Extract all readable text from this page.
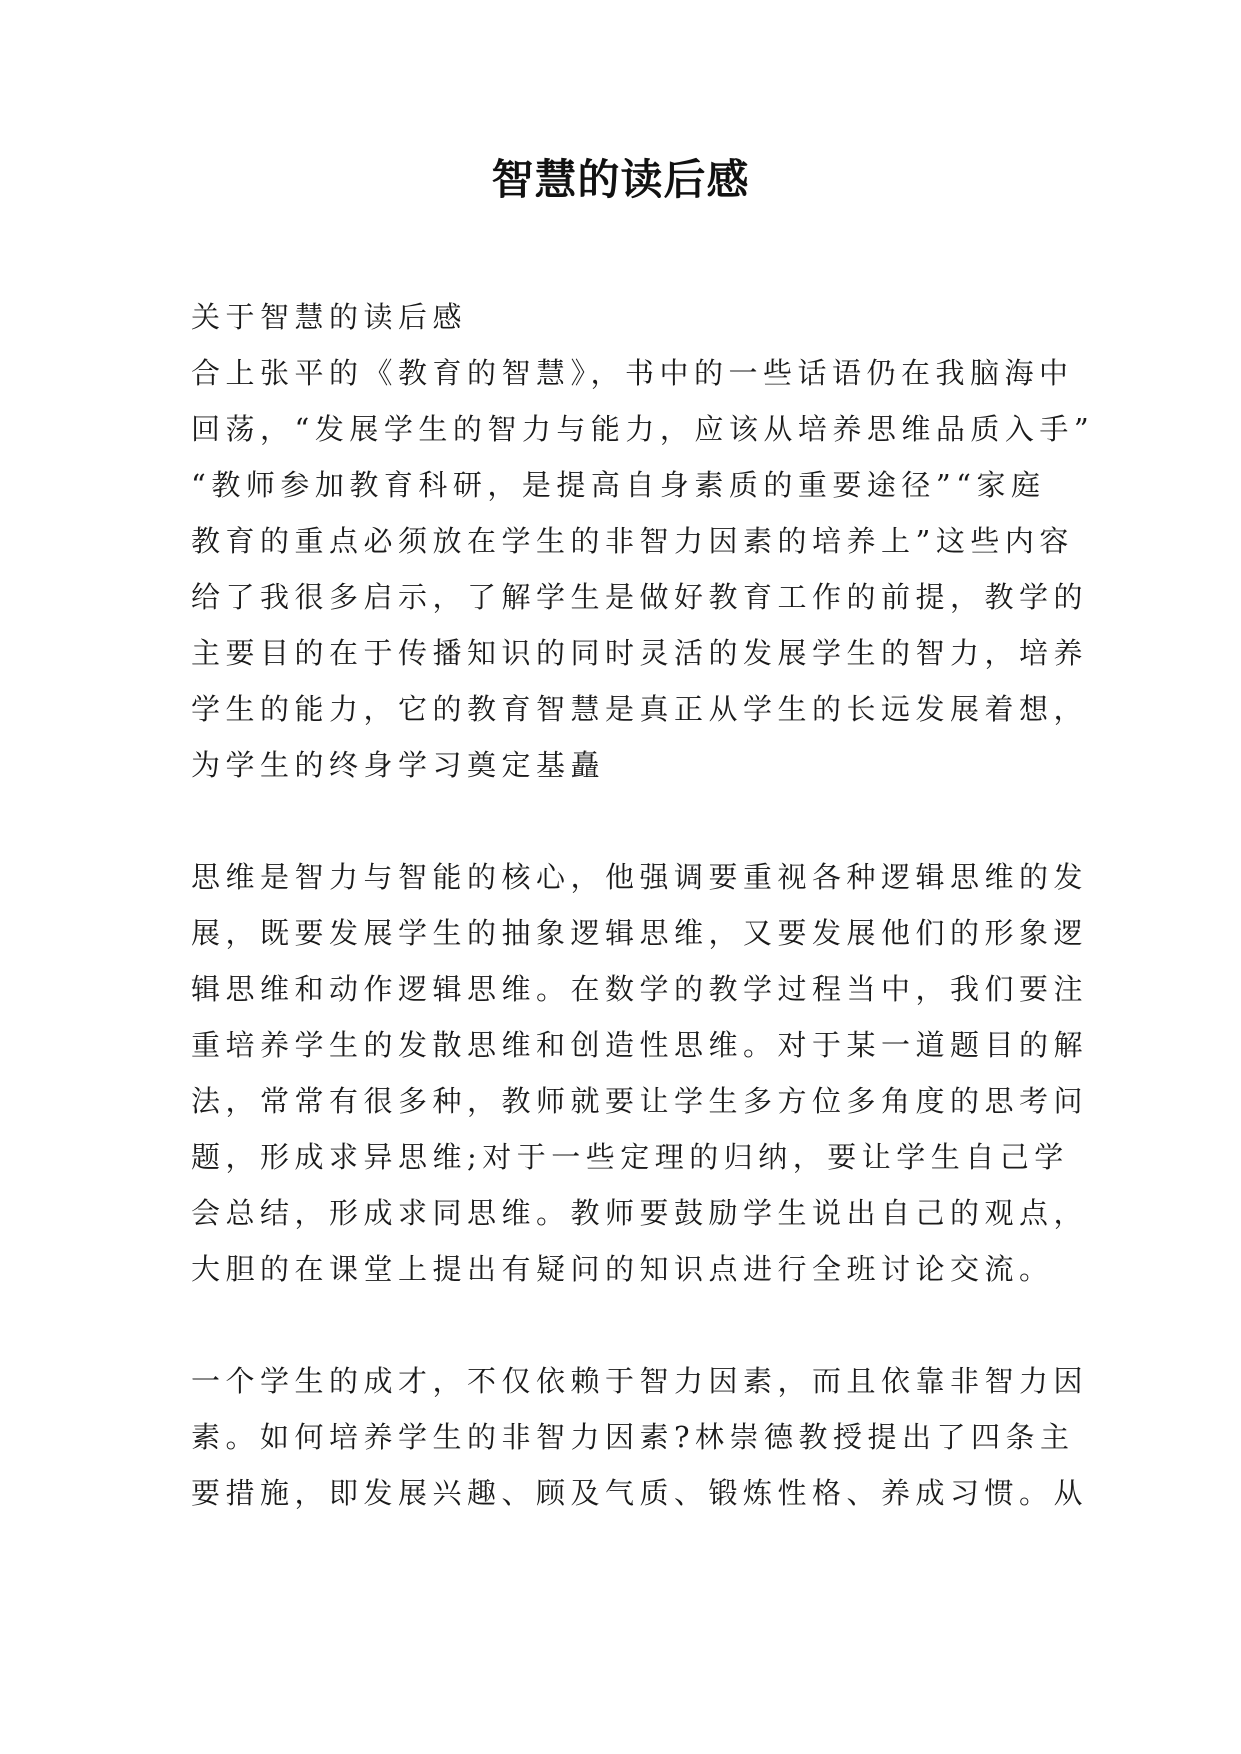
智慧的读后感
关于智慧的读后感
合上张平的《教育的智慧》，书中的一些话语仍在我脑海中
回荡，“发展学生的智力与能力，应该从培养思维品质入手”
“教师参加教育科研，是提高自身素质的重要途径”“家庭
教育的重点必须放在学生的非智力因素的培养上”这些内容
给了我很多启示，了解学生是做好教育工作的前提，教学的
主要目的在于传播知识的同时灵活的发展学生的智力，培养
学生的能力，它的教育智慧是真正从学生的长远发展着想，
为学生的终身学习奠定基矗
思维是智力与智能的核心，他强调要重视各种逻辑思维的发
展，既要发展学生的抽象逻辑思维，又要发展他们的形象逻
辑思维和动作逻辑思维。在数学的教学过程当中，我们要注
重培养学生的发散思维和创造性思维。对于某一道题目的解
法，常常有很多种，教师就要让学生多方位多角度的思考问
题，形成求异思维;对于一些定理的归纳，要让学生自己学
会总结，形成求同思维。教师要鼓励学生说出自己的观点，
大胆的在课堂上提出有疑问的知识点进行全班讨论交流。
一个学生的成才，不仅依赖于智力因素，而且依靠非智力因
素。如何培养学生的非智力因素?林崇德教授提出了四条主
要措施，即发展兴趣、顾及气质、锻炼性格、养成习惯。从
